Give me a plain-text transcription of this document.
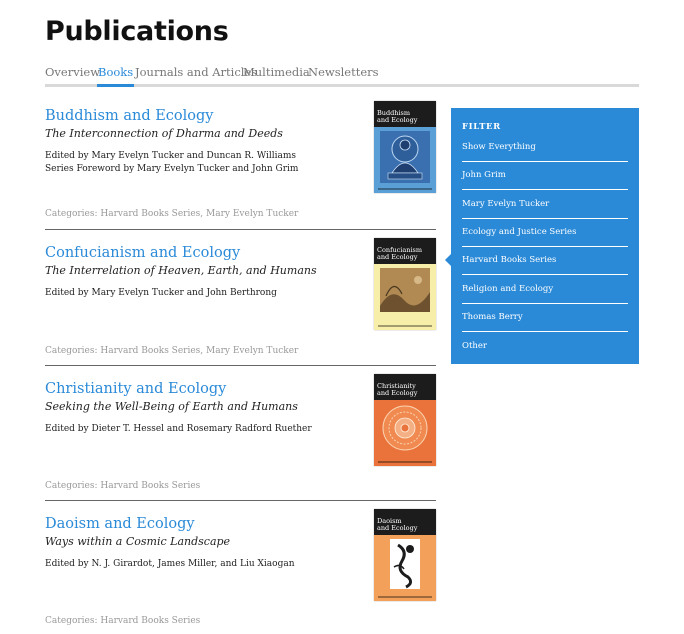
Publications
Overview
Books Journals and Articles
Multimedia
Newsletters
Buddhism and Ecology
The Interconnection of Dharma and Deeds
Edited by Mary Evelyn Tucker and Duncan R. Williams
Series Foreword by Mary Evelyn Tucker and John Grim
Categories: Harvard Books Series, Mary Evelyn Tucker
Buddhism
and Ecology
Confucianism and Ecology
The Interrelation of Heaven, Earth, and Humans
Edited by Mary Evelyn Tucker and John Berthrong
Categories: Harvard Books Series, Mary Evelyn Tucker
Confucianism
and Ecology
Christianity and Ecology
Seeking the Well-Being of Earth and Humans
Edited by Dieter T. Hessel and Rosemary Radford Ruether
Categories: Harvard Books Series
Christianity
and Ecology
Daoism and Ecology
Ways within a Cosmic Landscape
Edited by N. J. Girardot, James Miller, and Liu Xiaogan
Categories: Harvard Books Series
Daoism
and Ecology
FILTER
Show Everything
John Grim
Mary Evelyn Tucker
Ecology and Justice Series
Harvard Books Series
Religion and Ecology
Thomas Berry
Other
